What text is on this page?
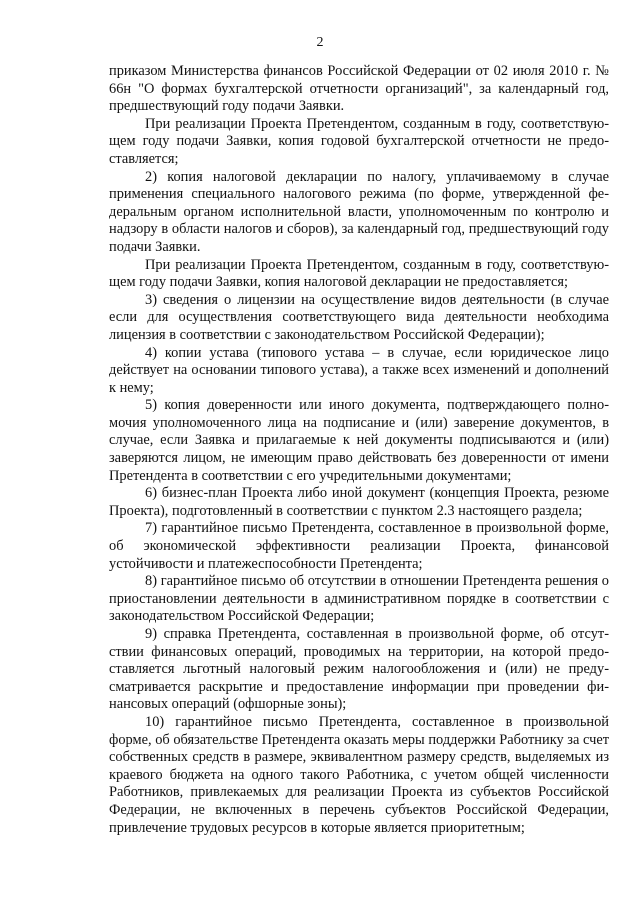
2

приказом Министерства финансов Российской Федерации от 02 июля 2010 г. № 66н "О формах бухгалтерской отчетности организаций", за календарный год, предшествующий году подачи Заявки.

При реализации Проекта Претендентом, созданным в году, соответствующем году подачи Заявки, копия годовой бухгалтерской отчетности не предоставляется;

2) копия налоговой декларации по налогу, уплачиваемому в случае применения специального налогового режима (по форме, утвержденной федеральным органом исполнительной власти, уполномоченным по контролю и надзору в области налогов и сборов), за календарный год, предшествующий году подачи Заявки.

При реализации Проекта Претендентом, созданным в году, соответствующем году подачи Заявки, копия налоговой декларации не предоставляется;

3) сведения о лицензии на осуществление видов деятельности (в случае если для осуществления соответствующего вида деятельности необходима лицензия в соответствии с законодательством Российской Федерации);

4) копии устава (типового устава – в случае, если юридическое лицо действует на основании типового устава), а также всех изменений и дополнений к нему;

5) копия доверенности или иного документа, подтверждающего полномочия уполномоченного лица на подписание и (или) заверение документов, в случае, если Заявка и прилагаемые к ней документы подписываются и (или) заверяются лицом, не имеющим право действовать без доверенности от имени Претендента в соответствии с его учредительными документами;

6) бизнес-план Проекта либо иной документ (концепция Проекта, резюме Проекта), подготовленный в соответствии с пунктом 2.3 настоящего раздела;

7) гарантийное письмо Претендента, составленное в произвольной форме, об экономической эффективности реализации Проекта, финансовой устойчивости и платежеспособности Претендента;

8) гарантийное письмо об отсутствии в отношении Претендента решения о приостановлении деятельности в административном порядке в соответствии с законодательством Российской Федерации;

9) справка Претендента, составленная в произвольной форме, об отсутствии финансовых операций, проводимых на территории, на которой предоставляется льготный налоговый режим налогообложения и (или) не предусматривается раскрытие и предоставление информации при проведении финансовых операций (офшорные зоны);

10) гарантийное письмо Претендента, составленное в произвольной форме, об обязательстве Претендента оказать меры поддержки Работнику за счет собственных средств в размере, эквивалентном размеру средств, выделяемых из краевого бюджета на одного такого Работника, с учетом общей численности Работников, привлекаемых для реализации Проекта из субъектов Российской Федерации, не включенных в перечень субъектов Российской Федерации, привлечение трудовых ресурсов в которые является приоритетным;
